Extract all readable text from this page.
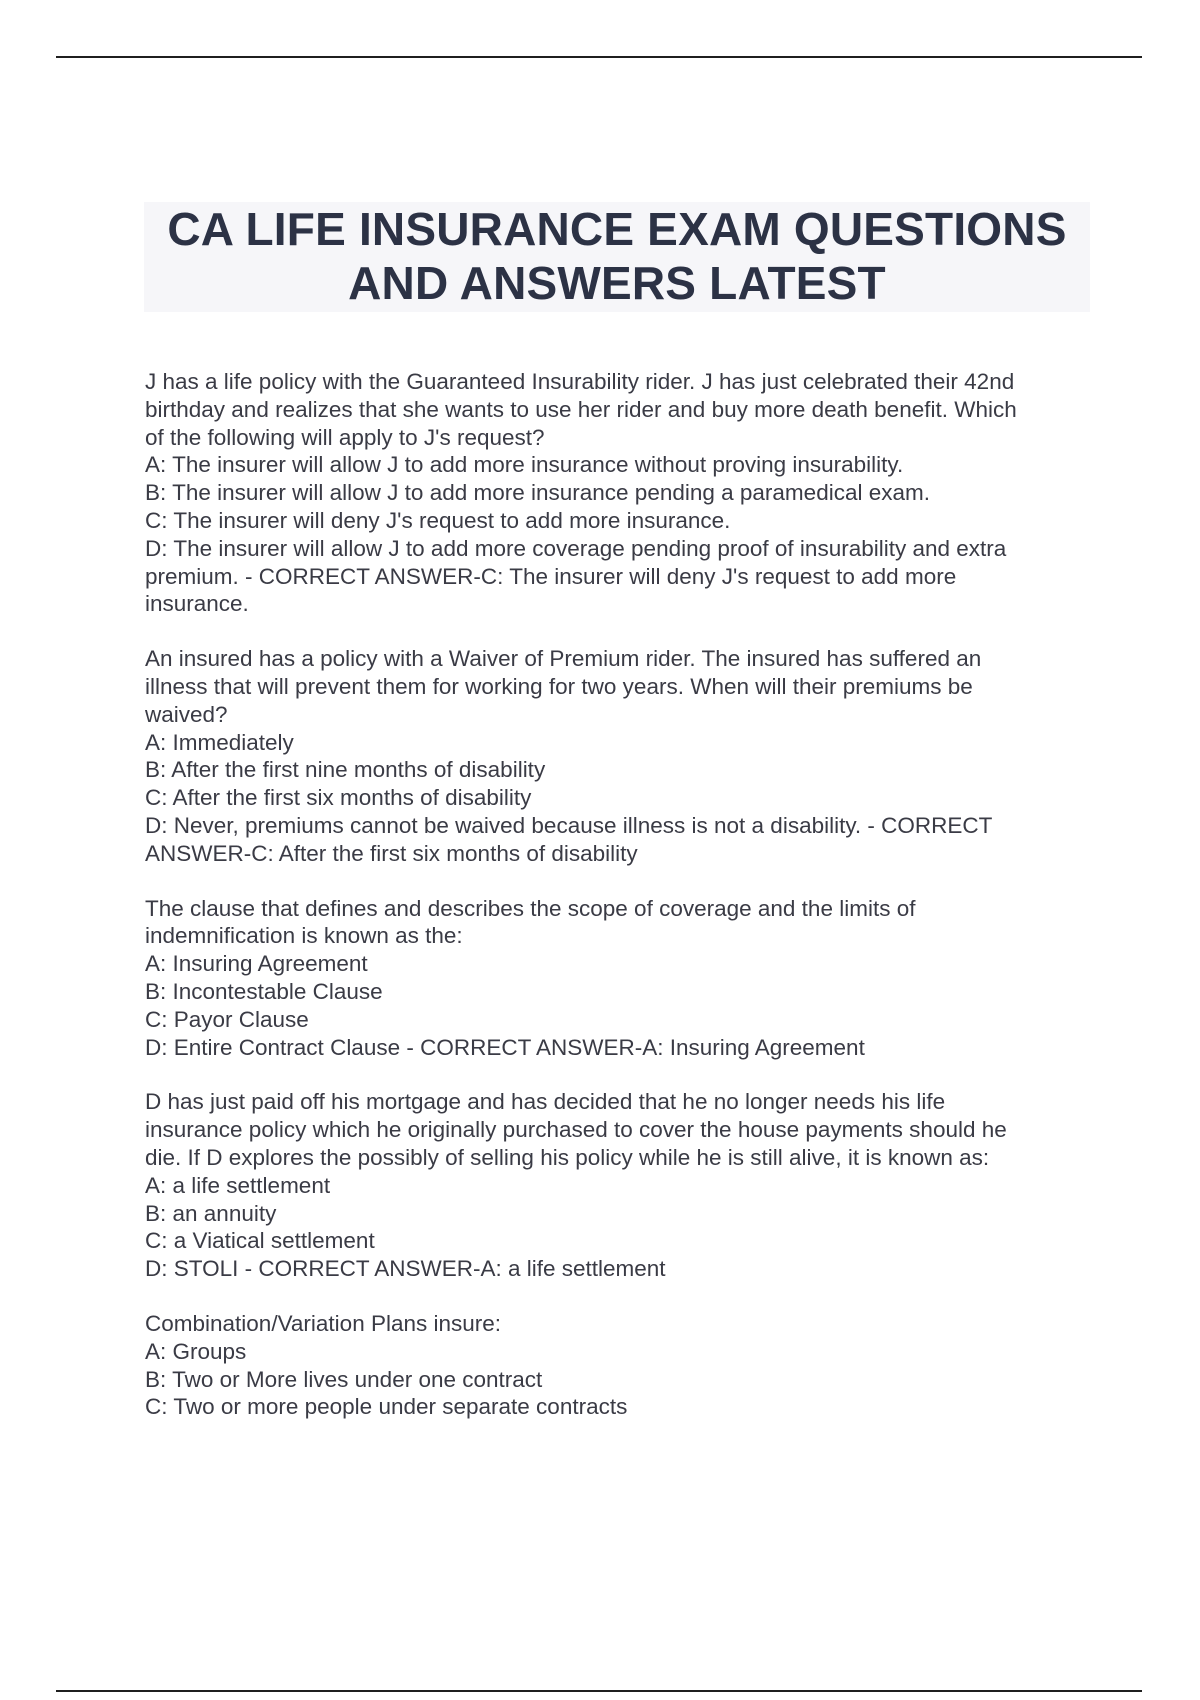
CA LIFE INSURANCE EXAM QUESTIONS
AND ANSWERS LATEST
J has a life policy with the Guaranteed Insurability rider. J has just celebrated their 42nd
birthday and realizes that she wants to use her rider and buy more death benefit. Which
of the following will apply to J's request?
A: The insurer will allow J to add more insurance without proving insurability.
B: The insurer will allow J to add more insurance pending a paramedical exam.
C: The insurer will deny J's request to add more insurance.
D: The insurer will allow J to add more coverage pending proof of insurability and extra
premium. - CORRECT ANSWER-C: The insurer will deny J's request to add more
insurance.
An insured has a policy with a Waiver of Premium rider. The insured has suffered an
illness that will prevent them for working for two years. When will their premiums be
waived?
A: Immediately
B: After the first nine months of disability
C: After the first six months of disability
D: Never, premiums cannot be waived because illness is not a disability. - CORRECT
ANSWER-C: After the first six months of disability
The clause that defines and describes the scope of coverage and the limits of
indemnification is known as the:
A: Insuring Agreement
B: Incontestable Clause
C: Payor Clause
D: Entire Contract Clause - CORRECT ANSWER-A: Insuring Agreement
D has just paid off his mortgage and has decided that he no longer needs his life
insurance policy which he originally purchased to cover the house payments should he
die. If D explores the possibly of selling his policy while he is still alive, it is known as:
A: a life settlement
B: an annuity
C: a Viatical settlement
D: STOLI - CORRECT ANSWER-A: a life settlement
Combination/Variation Plans insure:
A: Groups
B: Two or More lives under one contract
C: Two or more people under separate contracts
